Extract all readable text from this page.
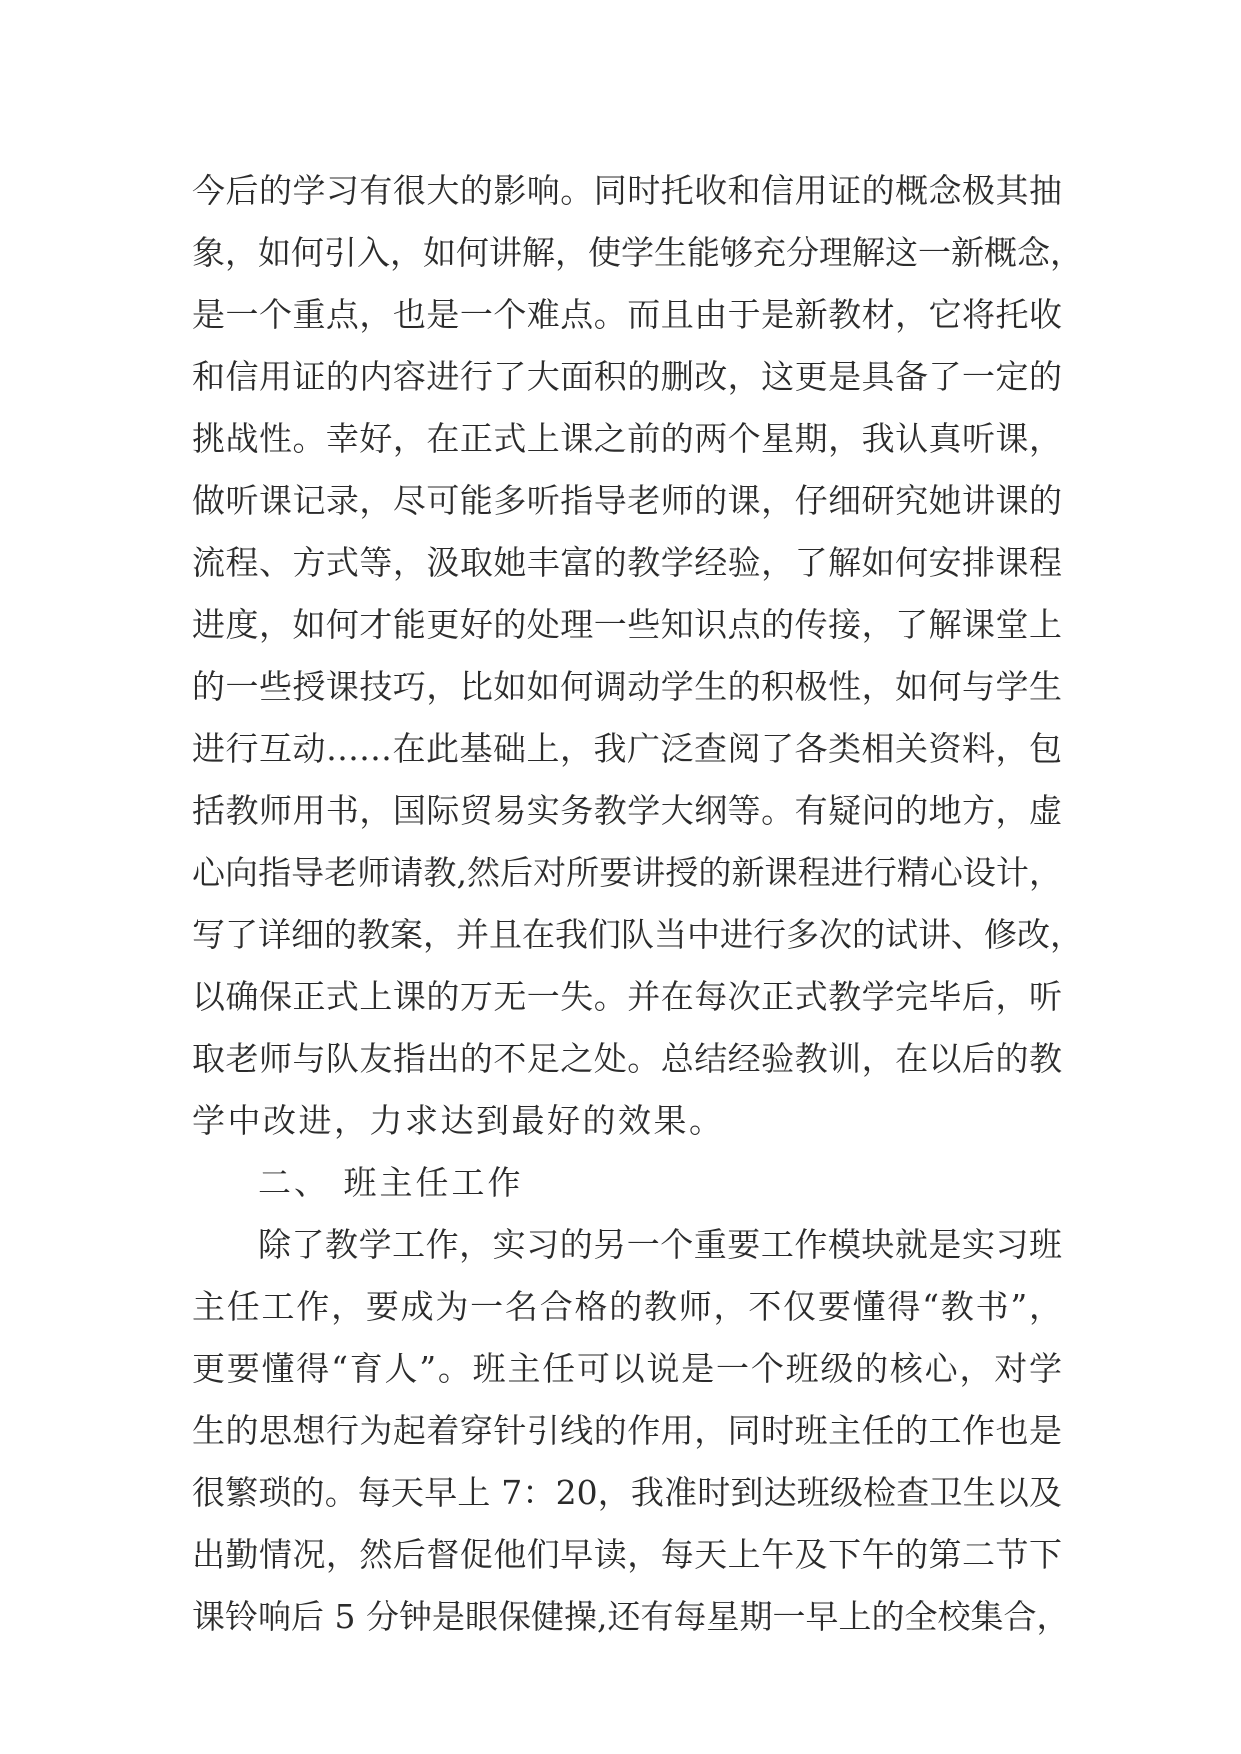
今后的学习有很大的影响。同时托收和信用证的概念极其抽
象，如何引入，如何讲解，使学生能够充分理解这一新概念，
是一个重点，也是一个难点。而且由于是新教材，它将托收
和信用证的内容进行了大面积的删改，这更是具备了一定的
挑战性。幸好，在正式上课之前的两个星期，我认真听课，
做听课记录，尽可能多听指导老师的课，仔细研究她讲课的
流程、方式等，汲取她丰富的教学经验，了解如何安排课程
进度，如何才能更好的处理一些知识点的传接，了解课堂上
的一些授课技巧，比如如何调动学生的积极性，如何与学生
进行互动……在此基础上，我广泛查阅了各类相关资料，包
括教师用书，国际贸易实务教学大纲等。有疑问的地方，虚
心向指导老师请教,然后对所要讲授的新课程进行精心设计，
写了详细的教案，并且在我们队当中进行多次的试讲、修改，
以确保正式上课的万无一失。并在每次正式教学完毕后，听
取老师与队友指出的不足之处。总结经验教训，在以后的教
学中改进，力求达到最好的效果。
二、 班主任工作
除了教学工作，实习的另一个重要工作模块就是实习班
主任工作，要成为一名合格的教师，不仅要懂得“教书”，
更要懂得“育人”。班主任可以说是一个班级的核心，对学
生的思想行为起着穿针引线的作用，同时班主任的工作也是
很繁琐的。每天早上 7：20，我准时到达班级检查卫生以及
出勤情况，然后督促他们早读，每天上午及下午的第二节下
课铃响后 5 分钟是眼保健操,还有每星期一早上的全校集合，
